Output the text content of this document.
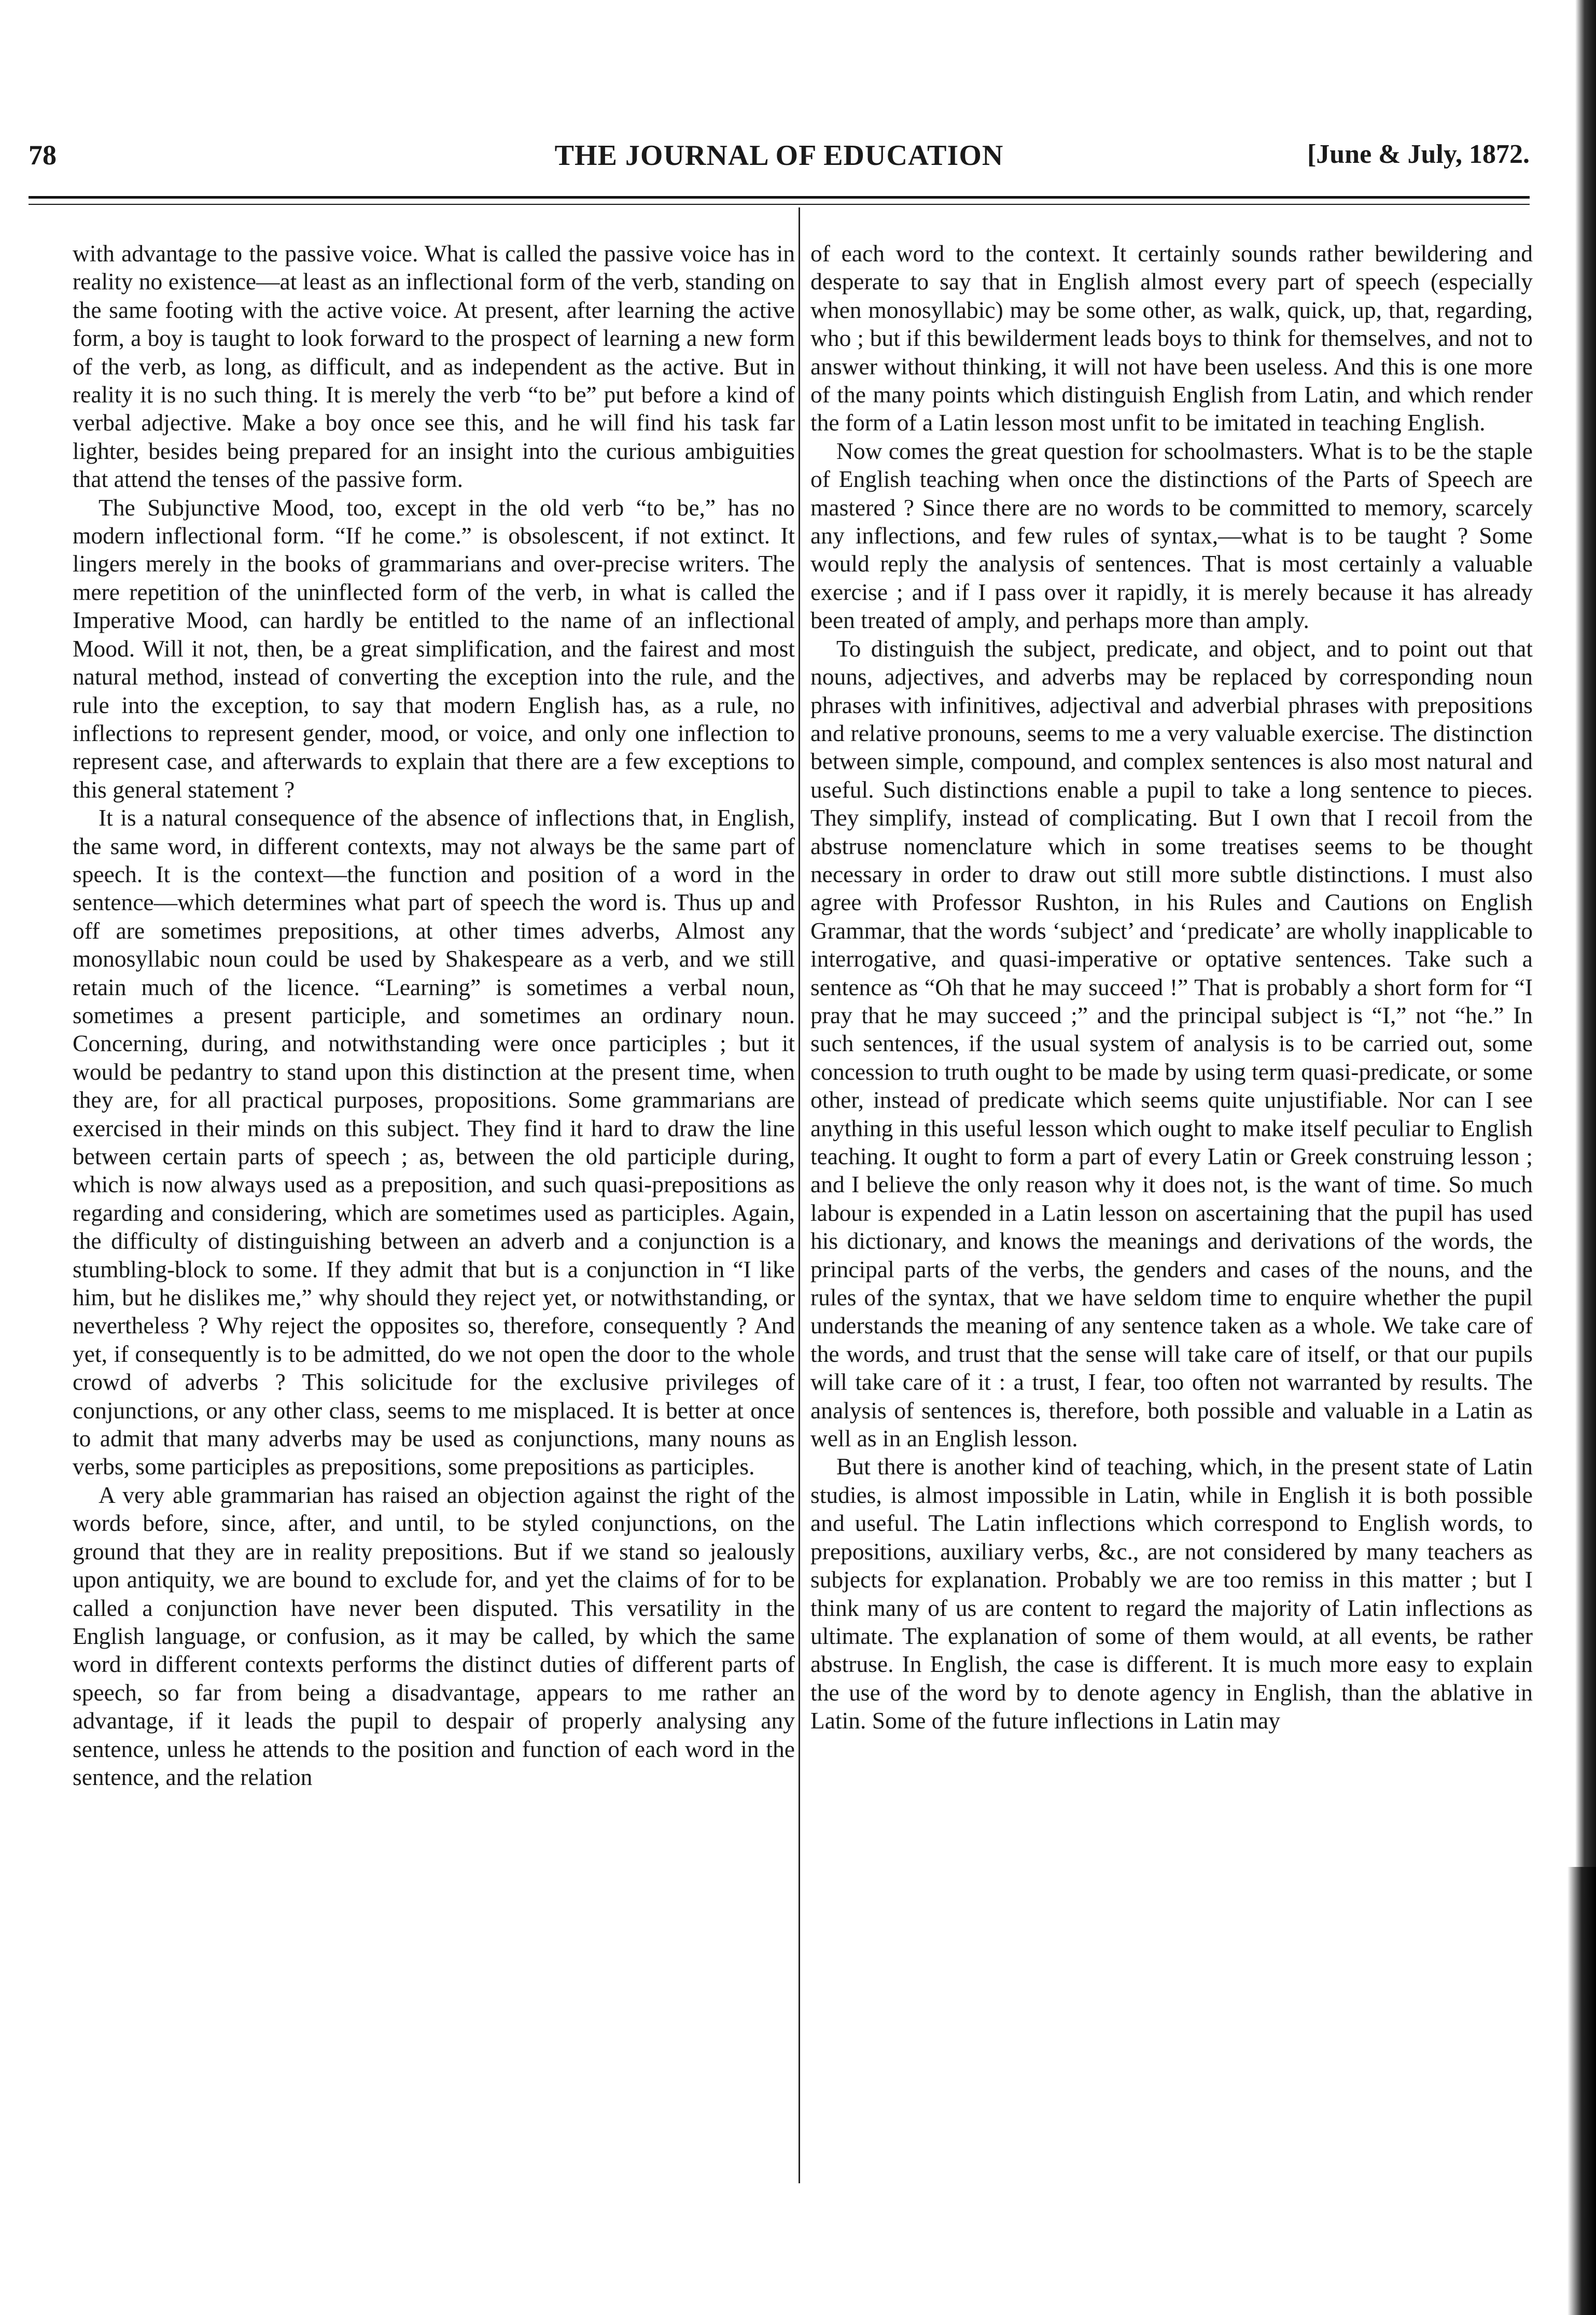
78	THE JOURNAL OF EDUCATION	[June & July, 1872.

with advantage to the passive voice. What is called the passive voice has in reality no existence—at least as an inflectional form of the verb, standing on the same footing with the active voice. At present, after learning the active form, a boy is taught to look forward to the prospect of learning a new form of the verb, as long, as difficult, and as independent as the active. But in reality it is no such thing. It is merely the verb “to be” put before a kind of verbal adjective. Make a boy once see this, and he will find his task far lighter, besides being prepared for an insight into the curious ambiguities that attend the tenses of the passive form.

The Subjunctive Mood, too, except in the old verb “to be,” has no modern inflectional form. “If he come.” is obsolescent, if not extinct. It lingers merely in the books of grammarians and over-precise writers. The mere repetition of the uninflected form of the verb, in what is called the Imperative Mood, can hardly be entitled to the name of an inflectional Mood. Will it not, then, be a great simplification, and the fairest and most natural method, instead of converting the exception into the rule, and the rule into the exception, to say that modern English has, as a rule, no inflections to represent gender, mood, or voice, and only one inflection to represent case, and afterwards to explain that there are a few exceptions to this general statement ?

It is a natural consequence of the absence of inflections that, in English, the same word, in different contexts, may not always be the same part of speech. It is the context—the function and position of a word in the sentence—which determines what part of speech the word is. Thus up and off are sometimes prepositions, at other times adverbs, Almost any monosyllabic noun could be used by Shakespeare as a verb, and we still retain much of the licence. “Learning” is sometimes a verbal noun, sometimes a present participle, and sometimes an ordinary noun. Concerning, during, and notwithstanding were once participles ; but it would be pedantry to stand upon this distinction at the present time, when they are, for all practical purposes, propositions. Some grammarians are exercised in their minds on this subject. They find it hard to draw the line between certain parts of speech ; as, between the old participle during, which is now always used as a preposition, and such quasi-prepositions as regarding and considering, which are sometimes used as participles. Again, the difficulty of distinguishing between an adverb and a conjunction is a stumbling-block to some. If they admit that but is a conjunction in “I like him, but he dislikes me,” why should they reject yet, or notwithstanding, or nevertheless ? Why reject the opposites so, therefore, consequently ? And yet, if consequently is to be admitted, do we not open the door to the whole crowd of adverbs ? This solicitude for the exclusive privileges of conjunctions, or any other class, seems to me misplaced. It is better at once to admit that many adverbs may be used as conjunctions, many nouns as verbs, some participles as prepositions, some prepositions as participles.

A very able grammarian has raised an objection against the right of the words before, since, after, and until, to be styled conjunctions, on the ground that they are in reality prepositions. But if we stand so jealously upon antiquity, we are bound to exclude for, and yet the claims of for to be called a conjunction have never been disputed. This versatility in the English language, or confusion, as it may be called, by which the same word in different contexts performs the distinct duties of different parts of speech, so far from being a disadvantage, appears to me rather an advantage, if it leads the pupil to despair of properly analysing any sentence, unless he attends to the position and function of each word in the sentence, and the relation

of each word to the context. It certainly sounds rather bewildering and desperate to say that in English almost every part of speech (especially when monosyllabic) may be some other, as walk, quick, up, that, regarding, who ; but if this bewilderment leads boys to think for themselves, and not to answer without thinking, it will not have been useless. And this is one more of the many points which distinguish English from Latin, and which render the form of a Latin lesson most unfit to be imitated in teaching English.

Now comes the great question for schoolmasters. What is to be the staple of English teaching when once the distinctions of the Parts of Speech are mastered ? Since there are no words to be committed to memory, scarcely any inflections, and few rules of syntax,—what is to be taught ? Some would reply the analysis of sentences. That is most certainly a valuable exercise ; and if I pass over it rapidly, it is merely because it has already been treated of amply, and perhaps more than amply.

To distinguish the subject, predicate, and object, and to point out that nouns, adjectives, and adverbs may be replaced by corresponding noun phrases with infinitives, adjectival and adverbial phrases with prepositions and relative pronouns, seems to me a very valuable exercise. The distinction between simple, compound, and complex sentences is also most natural and useful. Such distinctions enable a pupil to take a long sentence to pieces. They simplify, instead of complicating. But I own that I recoil from the abstruse nomenclature which in some treatises seems to be thought necessary in order to draw out still more subtle distinctions. I must also agree with Professor Rushton, in his Rules and Cautions on English Grammar, that the words ‘subject’ and ‘predicate’ are wholly inapplicable to interrogative, and quasi-imperative or optative sentences. Take such a sentence as “Oh that he may succeed !” That is probably a short form for “I pray that he may succeed ;” and the principal subject is “I,” not “he.” In such sentences, if the usual system of analysis is to be carried out, some concession to truth ought to be made by using term quasi-predicate, or some other, instead of predicate which seems quite unjustifiable. Nor can I see anything in this useful lesson which ought to make itself peculiar to English teaching. It ought to form a part of every Latin or Greek construing lesson ; and I believe the only reason why it does not, is the want of time. So much labour is expended in a Latin lesson on ascertaining that the pupil has used his dictionary, and knows the meanings and derivations of the words, the principal parts of the verbs, the genders and cases of the nouns, and the rules of the syntax, that we have seldom time to enquire whether the pupil understands the meaning of any sentence taken as a whole. We take care of the words, and trust that the sense will take care of itself, or that our pupils will take care of it : a trust, I fear, too often not warranted by results. The analysis of sentences is, therefore, both possible and valuable in a Latin as well as in an English lesson.

But there is another kind of teaching, which, in the present state of Latin studies, is almost impossible in Latin, while in English it is both possible and useful. The Latin inflections which correspond to English words, to prepositions, auxiliary verbs, &c., are not considered by many teachers as subjects for explanation. Probably we are too remiss in this matter ; but I think many of us are content to regard the majority of Latin inflections as ultimate. The explanation of some of them would, at all events, be rather abstruse. In English, the case is different. It is much more easy to explain the use of the word by to denote agency in English, than the ablative in Latin. Some of the future inflections in Latin may
